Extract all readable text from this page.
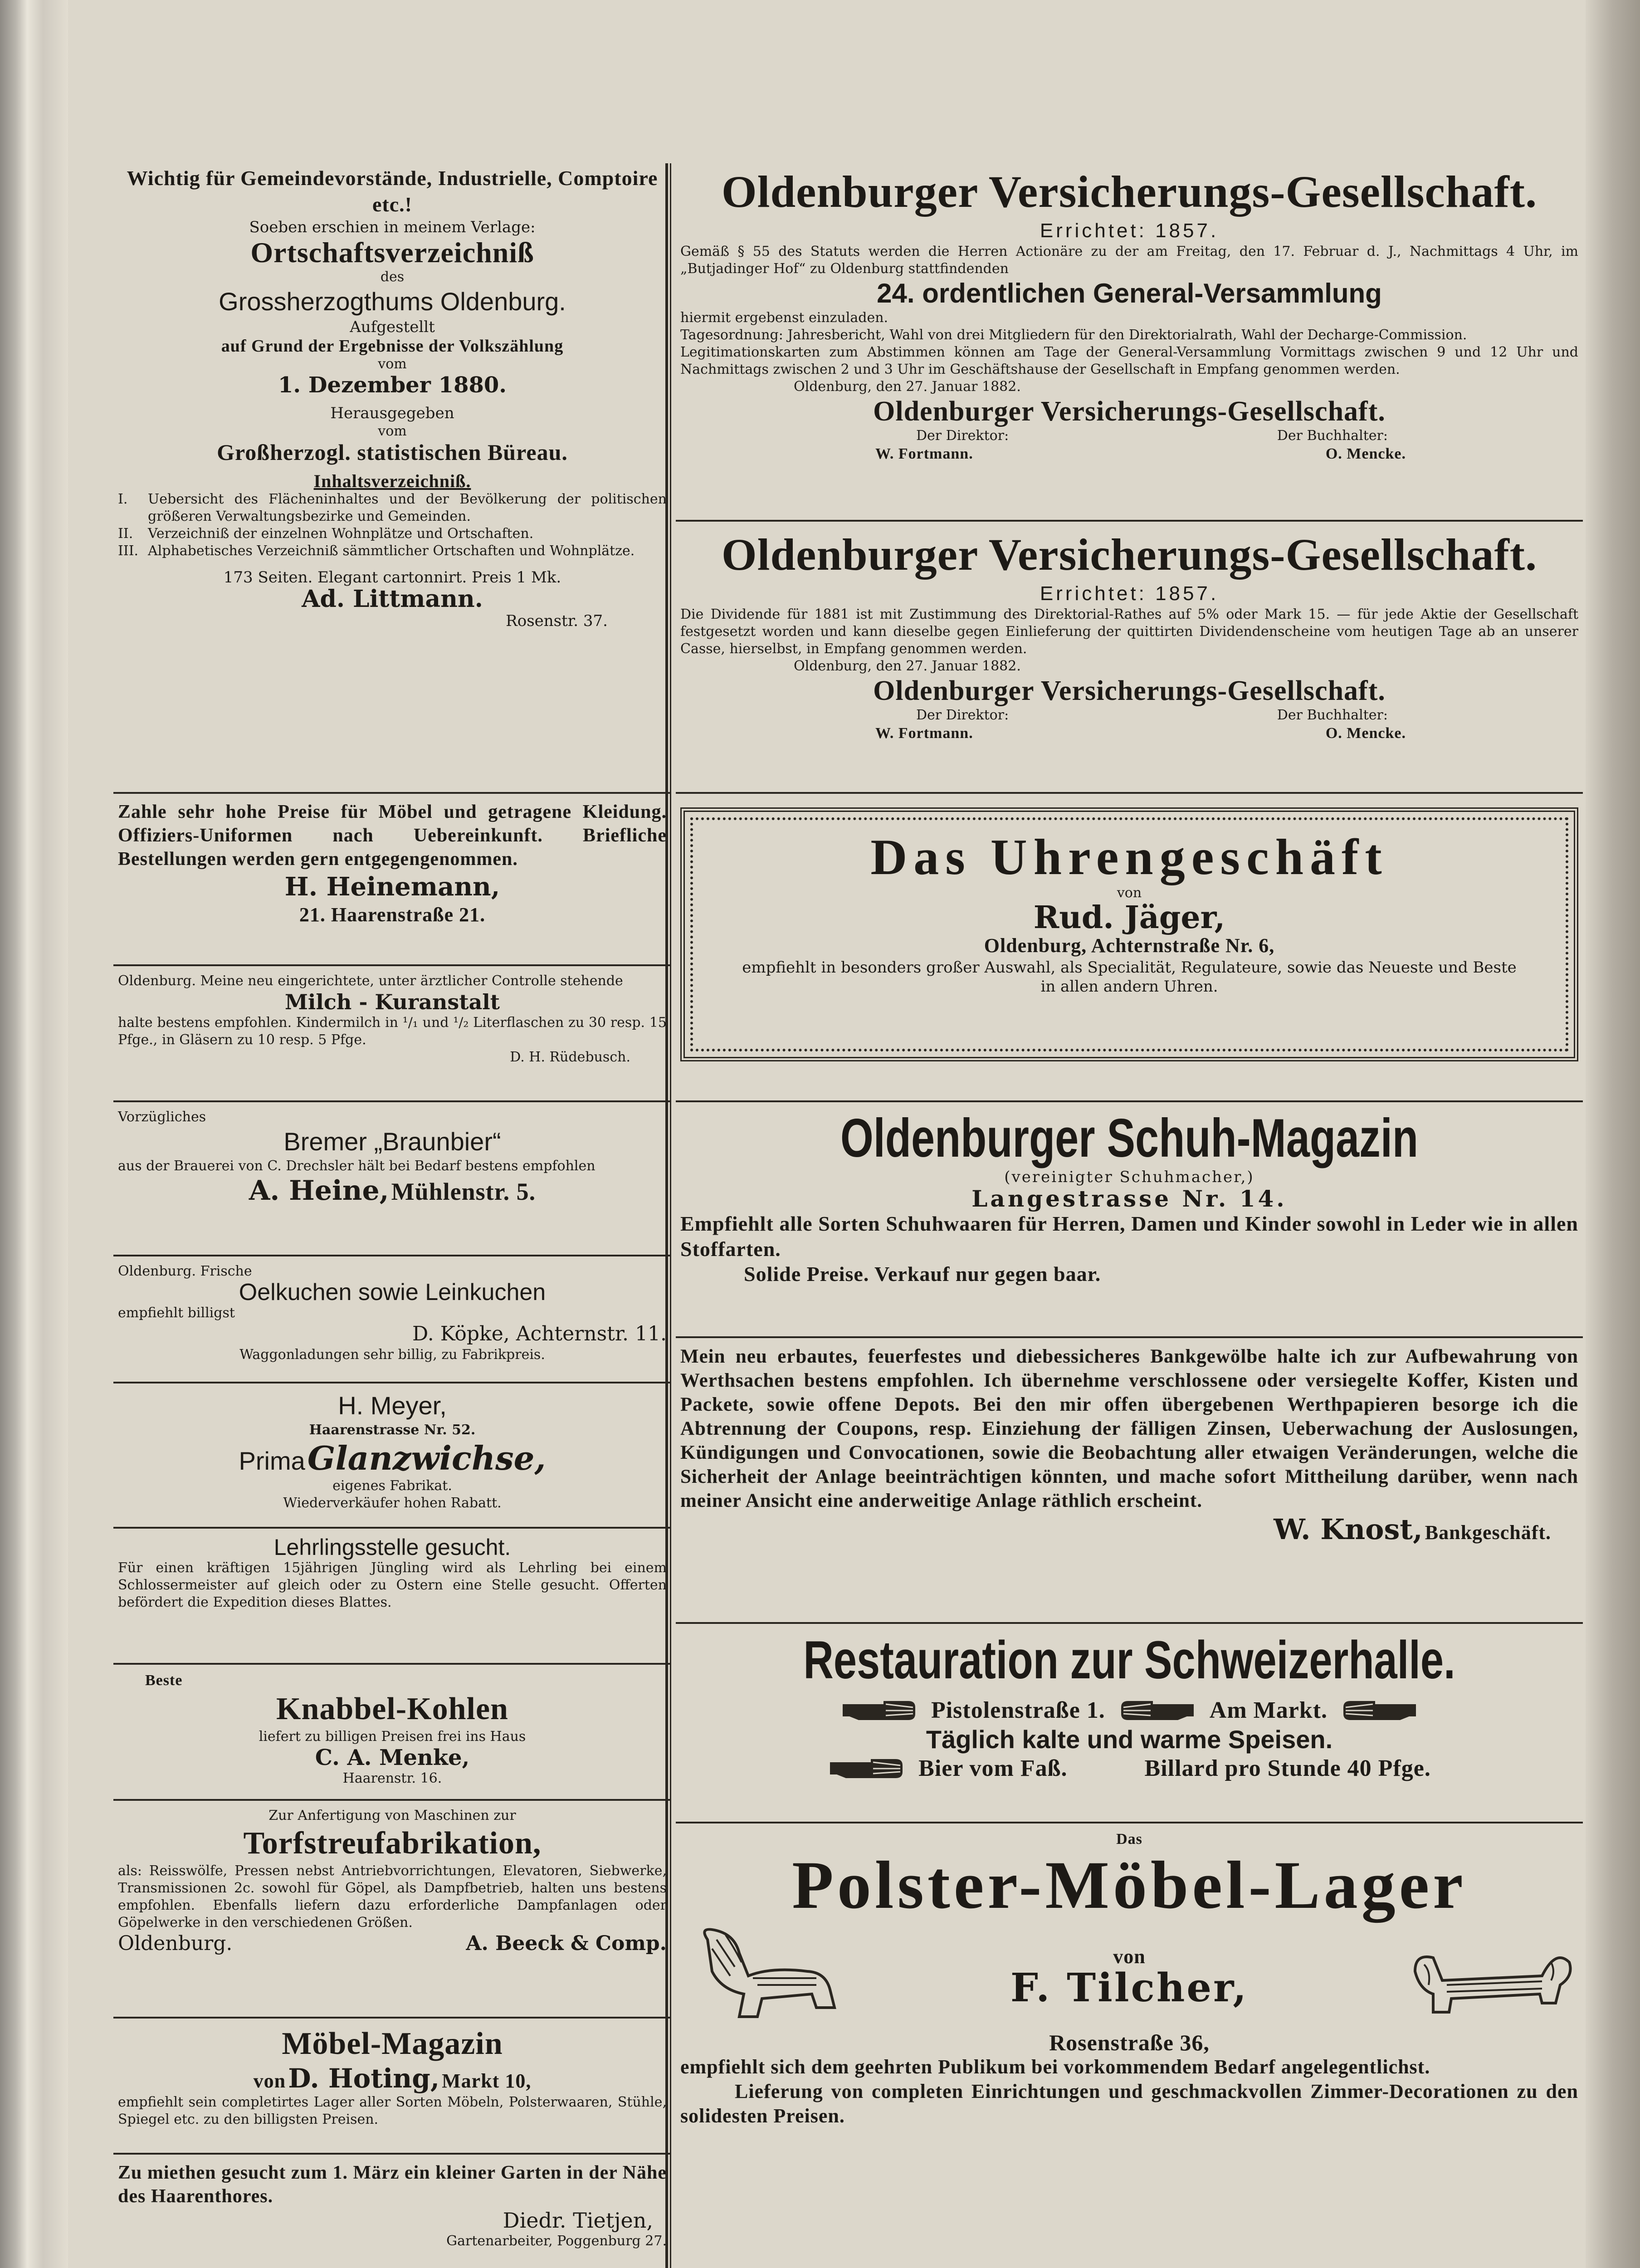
Wichtig für Gemeindevorstände, Industrielle, Comptoire etc.!
Soeben erschien in meinem Verlage:
Ortschaftsverzeichniß
des
Grossherzogthums Oldenburg.
Aufgestellt
auf Grund der Ergebnisse der Volkszählung
vom
1. Dezember 1880.
Herausgegeben
vom
Großherzogl. statistischen Büreau.
Inhaltsverzeichniß.
I.	Uebersicht des Flächeninhaltes und der Bevölkerung der politischen größeren Verwaltungsbezirke und Gemeinden.
II.	Verzeichniß der einzelnen Wohnplätze und Ortschaften.
III. Alphabetisches Verzeichniß sämmtlicher Ortschaften und Wohnplätze.
173 Seiten. Elegant cartonnirt. Preis 1 Mk.
Ad. Littmann.
Rosenstr. 37.
Zahle sehr hohe Preise für Möbel und getragene Kleidung. Offiziers-Uniformen nach Uebereinkunft. Briefliche Bestellungen werden gern entgegengenommen.
H. Heinemann,
21. Haarenstraße 21.
Oldenburg. Meine neu eingerichtete, unter ärztlicher Controlle stehende
Milch - Kuranstalt
halte bestens empfohlen. Kindermilch in ¹/₁ und ¹/₂ Literflaschen zu 30 resp. 15 Pfge., in Gläsern zu 10 resp. 5 Pfge.
D. H. Rüdebusch.
Vorzügliches
Bremer „Braunbier“
aus der Brauerei von C. Drechsler hält bei Bedarf bestens empfohlen
A. Heine, Mühlenstr. 5.
Oldenburg. Frische
Oelkuchen sowie Leinkuchen
empfiehlt billigst
D. Köpke, Achternstr. 11.
Waggonladungen sehr billig, zu Fabrikpreis.
H. Meyer,
Haarenstrasse Nr. 52.
Prima Glanzwichse,
eigenes Fabrikat.
Wiederverkäufer hohen Rabatt.
Lehrlingsstelle gesucht.
Für einen kräftigen 15jährigen Jüngling wird als Lehrling bei einem Schlossermeister auf gleich oder zu Ostern eine Stelle gesucht. Offerten befördert die Expedition dieses Blattes.
Beste
Knabbel-Kohlen
liefert zu billigen Preisen frei ins Haus
C. A. Menke,
Haarenstr. 16.
Zur Anfertigung von Maschinen zur
Torfstreufabrikation,
als: Reisswölfe, Pressen nebst Antriebvorrichtungen, Elevatoren, Siebwerke, Transmissionen 2c. sowohl für Göpel, als Dampfbetrieb, halten uns bestens empfohlen. Ebenfalls liefern dazu erforderliche Dampfanlagen oder Göpelwerke in den verschiedenen Größen.
Oldenburg.	A. Beeck & Comp.
Möbel-Magazin
von D. Hoting, Markt 10,
empfiehlt sein completirtes Lager aller Sorten Möbeln, Polsterwaaren, Stühle, Spiegel etc. zu den billigsten Preisen.
Zu miethen gesucht zum 1. März ein kleiner Garten in der Nähe des Haarenthores.
Diedr. Tietjen,
Gartenarbeiter, Poggenburg 27.
Oldenburger Versicherungs-Gesellschaft.
Errichtet: 1857.
Gemäß § 55 des Statuts werden die Herren Actionäre zu der am Freitag, den 17. Februar d. J., Nachmittags 4 Uhr, im „Butjadinger Hof“ zu Oldenburg stattfindenden
24. ordentlichen General-Versammlung
hiermit ergebenst einzuladen.
Tagesordnung: Jahresbericht, Wahl von drei Mitgliedern für den Direktorialrath, Wahl der Decharge-Commission.
Legitimationskarten zum Abstimmen können am Tage der General-Versammlung Vormittags zwischen 9 und 12 Uhr und Nachmittags zwischen 2 und 3 Uhr im Geschäftshause der Gesellschaft in Empfang genommen werden.
Oldenburg, den 27. Januar 1882.
Oldenburger Versicherungs-Gesellschaft.
Der Direktor:	Der Buchhalter:
W. Fortmann.	O. Mencke.
Oldenburger Versicherungs-Gesellschaft.
Errichtet: 1857.
Die Dividende für 1881 ist mit Zustimmung des Direktorial-Rathes auf 5% oder Mark 15. — für jede Aktie der Gesellschaft festgesetzt worden und kann dieselbe gegen Einlieferung der quittirten Dividendenscheine vom heutigen Tage ab an unserer Casse, hierselbst, in Empfang genommen werden.
Oldenburg, den 27. Januar 1882.
Oldenburger Versicherungs-Gesellschaft.
Der Direktor:	Der Buchhalter:
W. Fortmann.	O. Mencke.
Das Uhrengeschäft
von
Rud. Jäger,
Oldenburg, Achternstraße Nr. 6,
empfiehlt in besonders großer Auswahl, als Specialität, Regulateure, sowie das Neueste und Beste in allen andern Uhren.
Oldenburger Schuh-Magazin
(vereinigter Schuhmacher,)
Langestrasse Nr. 14.
Empfiehlt alle Sorten Schuhwaaren für Herren, Damen und Kinder sowohl in Leder wie in allen Stoffarten.
Solide Preise. Verkauf nur gegen baar.
Mein neu erbautes, feuerfestes und diebessicheres Bankgewölbe halte ich zur Aufbewahrung von Werthsachen bestens empfohlen. Ich übernehme verschlossene oder versiegelte Koffer, Kisten und Packete, sowie offene Depots. Bei den mir offen übergebenen Werthpapieren besorge ich die Abtrennung der Coupons, resp. Einziehung der fälligen Zinsen, Ueberwachung der Auslosungen, Kündigungen und Convocationen, sowie die Beobachtung aller etwaigen Veränderungen, welche die Sicherheit der Anlage beeinträchtigen könnten, und mache sofort Mittheilung darüber, wenn nach meiner Ansicht eine anderweitige Anlage räthlich erscheint.
W. Knost, Bankgeschäft.
Restauration zur Schweizerhalle.
Pistolenstraße 1.	Am Markt.
Täglich kalte und warme Speisen.
Bier vom Faß.	Billard pro Stunde 40 Pfge.
Das
Polster-Möbel-Lager
von
F. Tilcher,
Rosenstraße 36,
empfiehlt sich dem geehrten Publikum bei vorkommendem Bedarf angelegentlichst.
Lieferung von completen Einrichtungen und geschmackvollen Zimmer-Decorationen zu den solidesten Preisen.
